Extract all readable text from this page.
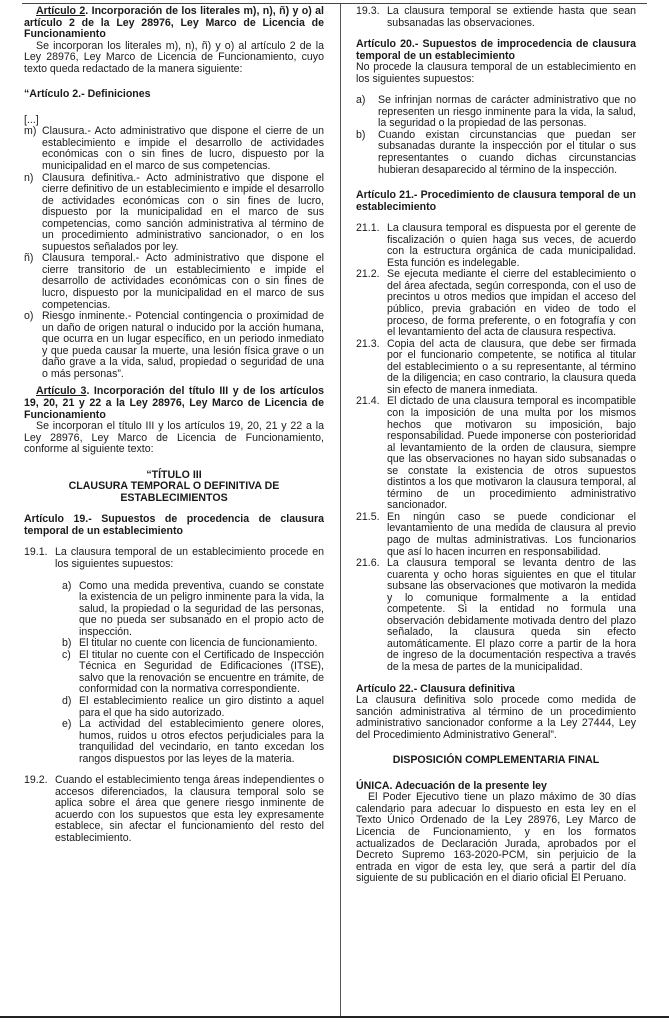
Artículo 2. Incorporación de los literales m), n), ñ) y o) al artículo 2 de la Ley 28976, Ley Marco de Licencia de Funcionamiento

Se incorporan los literales m), n), ñ) y o) al artículo 2 de la Ley 28976, Ley Marco de Licencia de Funcionamiento, cuyo texto queda redactado de la manera siguiente:

“Artículo 2.- Definiciones

[...]

m) Clausura.- Acto administrativo que dispone el cierre de un establecimiento e impide el desarrollo de actividades económicas con o sin fines de lucro, dispuesto por la municipalidad en el marco de sus competencias.
n) Clausura definitiva.- Acto administrativo que dispone el cierre definitivo de un establecimiento e impide el desarrollo de actividades económicas con o sin fines de lucro, dispuesto por la municipalidad en el marco de sus competencias, como sanción administrativa al término de un procedimiento administrativo sancionador, o en los supuestos señalados por ley.
ñ) Clausura temporal.- Acto administrativo que dispone el cierre transitorio de un establecimiento e impide el desarrollo de actividades económicas con o sin fines de lucro, dispuesto por la municipalidad en el marco de sus competencias.
o) Riesgo inminente.- Potencial contingencia o proximidad de un daño de origen natural o inducido por la acción humana, que ocurra en un lugar específico, en un periodo inmediato y que pueda causar la muerte, una lesión física grave o un daño grave a la vida, salud, propiedad o seguridad de una o más personas”.

Artículo 3. Incorporación del título III y de los artículos 19, 20, 21 y 22 a la Ley 28976, Ley Marco de Licencia de Funcionamiento

Se incorporan el título III y los artículos 19, 20, 21 y 22 a la Ley 28976, Ley Marco de Licencia de Funcionamiento, conforme al siguiente texto:

“TÍTULO III

CLAUSURA TEMPORAL O DEFINITIVA DE ESTABLECIMIENTOS

Artículo 19.- Supuestos de procedencia de clausura temporal de un establecimiento

19.1. La clausura temporal de un establecimiento procede en los siguientes supuestos:
a) Como una medida preventiva, cuando se constate la existencia de un peligro inminente para la vida, la salud, la propiedad o la seguridad de las personas, que no pueda ser subsanado en el propio acto de inspección.
b) El titular no cuente con licencia de funcionamiento.
c) El titular no cuente con el Certificado de Inspección Técnica en Seguridad de Edificaciones (ITSE), salvo que la renovación se encuentre en trámite, de conformidad con la normativa correspondiente.
d) El establecimiento realice un giro distinto a aquel para el que ha sido autorizado.
e) La actividad del establecimiento genere olores, humos, ruidos u otros efectos perjudiciales para la tranquilidad del vecindario, en tanto excedan los rangos dispuestos por las leyes de la materia.
19.2. Cuando el establecimiento tenga áreas independientes o accesos diferenciados, la clausura temporal solo se aplica sobre el área que genere riesgo inminente de acuerdo con los supuestos que esta ley expresamente establece, sin afectar el funcionamiento del resto del establecimiento.
19.3. La clausura temporal se extiende hasta que sean subsanadas las observaciones.

Artículo 20.- Supuestos de improcedencia de clausura temporal de un establecimiento

No procede la clausura temporal de un establecimiento en los siguientes supuestos:

a)	Se infrinjan normas de carácter administrativo que no representen un riesgo inminente para la vida, la salud, la seguridad o la propiedad de las personas.
b)	Cuando existan circunstancias que puedan ser subsanadas durante la inspección por el titular o sus representantes o cuando dichas circunstancias hubieran desaparecido al término de la inspección.

Artículo 21.- Procedimiento de clausura temporal de un establecimiento

21.1. La clausura temporal es dispuesta por el gerente de fiscalización o quien haga sus veces, de acuerdo con la estructura orgánica de cada municipalidad. Esta función es indelegable.
21.2. Se ejecuta mediante el cierre del establecimiento o del área afectada, según corresponda, con el uso de precintos u otros medios que impidan el acceso del público, previa grabación en video de todo el proceso, de forma preferente, o en fotografía y con el levantamiento del acta de clausura respectiva.
21.3. Copia del acta de clausura, que debe ser firmada por el funcionario competente, se notifica al titular del establecimiento o a su representante, al término de la diligencia; en caso contrario, la clausura queda sin efecto de manera inmediata.
21.4. El dictado de una clausura temporal es incompatible con la imposición de una multa por los mismos hechos que motivaron su imposición, bajo responsabilidad. Puede imponerse con posterioridad al levantamiento de la orden de clausura, siempre que las observaciones no hayan sido subsanadas o se constate la existencia de otros supuestos distintos a los que motivaron la clausura temporal, al término de un procedimiento administrativo sancionador.
21.5. En ningún caso se puede condicionar el levantamiento de una medida de clausura al previo pago de multas administrativas. Los funcionarios que así lo hacen incurren en responsabilidad.
21.6. La clausura temporal se levanta dentro de las cuarenta y ocho horas siguientes en que el titular subsane las observaciones que motivaron la medida y lo comunique formalmente a la entidad competente. Si la entidad no formula una observación debidamente motivada dentro del plazo señalado, la clausura queda sin efecto automáticamente. El plazo corre a partir de la hora de ingreso de la documentación respectiva a través de la mesa de partes de la municipalidad.

Artículo 22.- Clausura definitiva

La clausura definitiva solo procede como medida de sanción administrativa al término de un procedimiento administrativo sancionador conforme a la Ley 27444, Ley del Procedimiento Administrativo General”.

DISPOSICIÓN COMPLEMENTARIA FINAL

ÚNICA. Adecuación de la presente ley

El Poder Ejecutivo tiene un plazo máximo de 30 días calendario para adecuar lo dispuesto en esta ley en el Texto Único Ordenado de la Ley 28976, Ley Marco de Licencia de Funcionamiento, y en los formatos actualizados de Declaración Jurada, aprobados por el Decreto Supremo 163-2020-PCM, sin perjuicio de la entrada en vigor de esta ley, que será a partir del día siguiente de su publicación en el diario oficial El Peruano.
